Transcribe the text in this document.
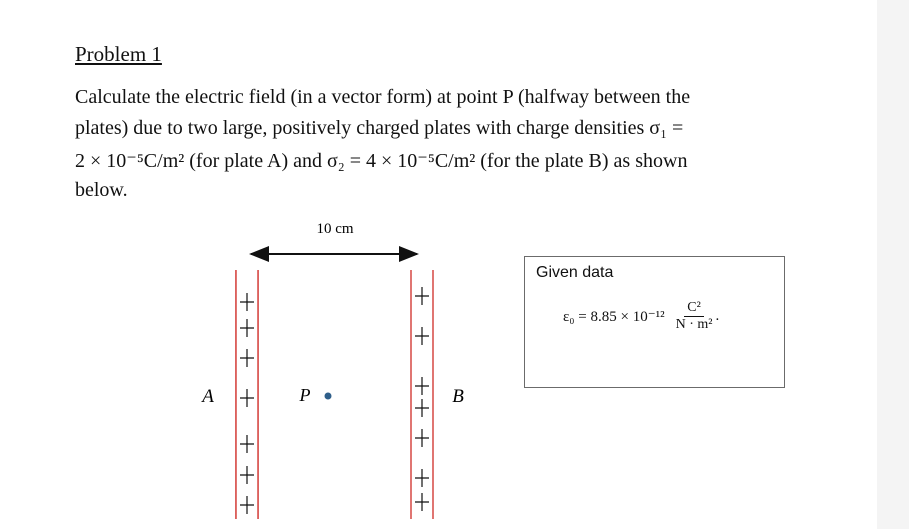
Problem 1
Calculate the electric field (in a vector form) at point P (halfway between the
plates) due to two large, positively charged plates with charge densities σ₁ =
2 × 10⁻⁵C/m² (for plate A) and σ₂ = 4 × 10⁻⁵C/m² (for the plate B) as shown
below.
10 cm
A	B
P
Given data
$\varepsilon_0 = 8.85 \times 10^{-12} \frac{\text{C²}}{\text{N · m²}}$ .
